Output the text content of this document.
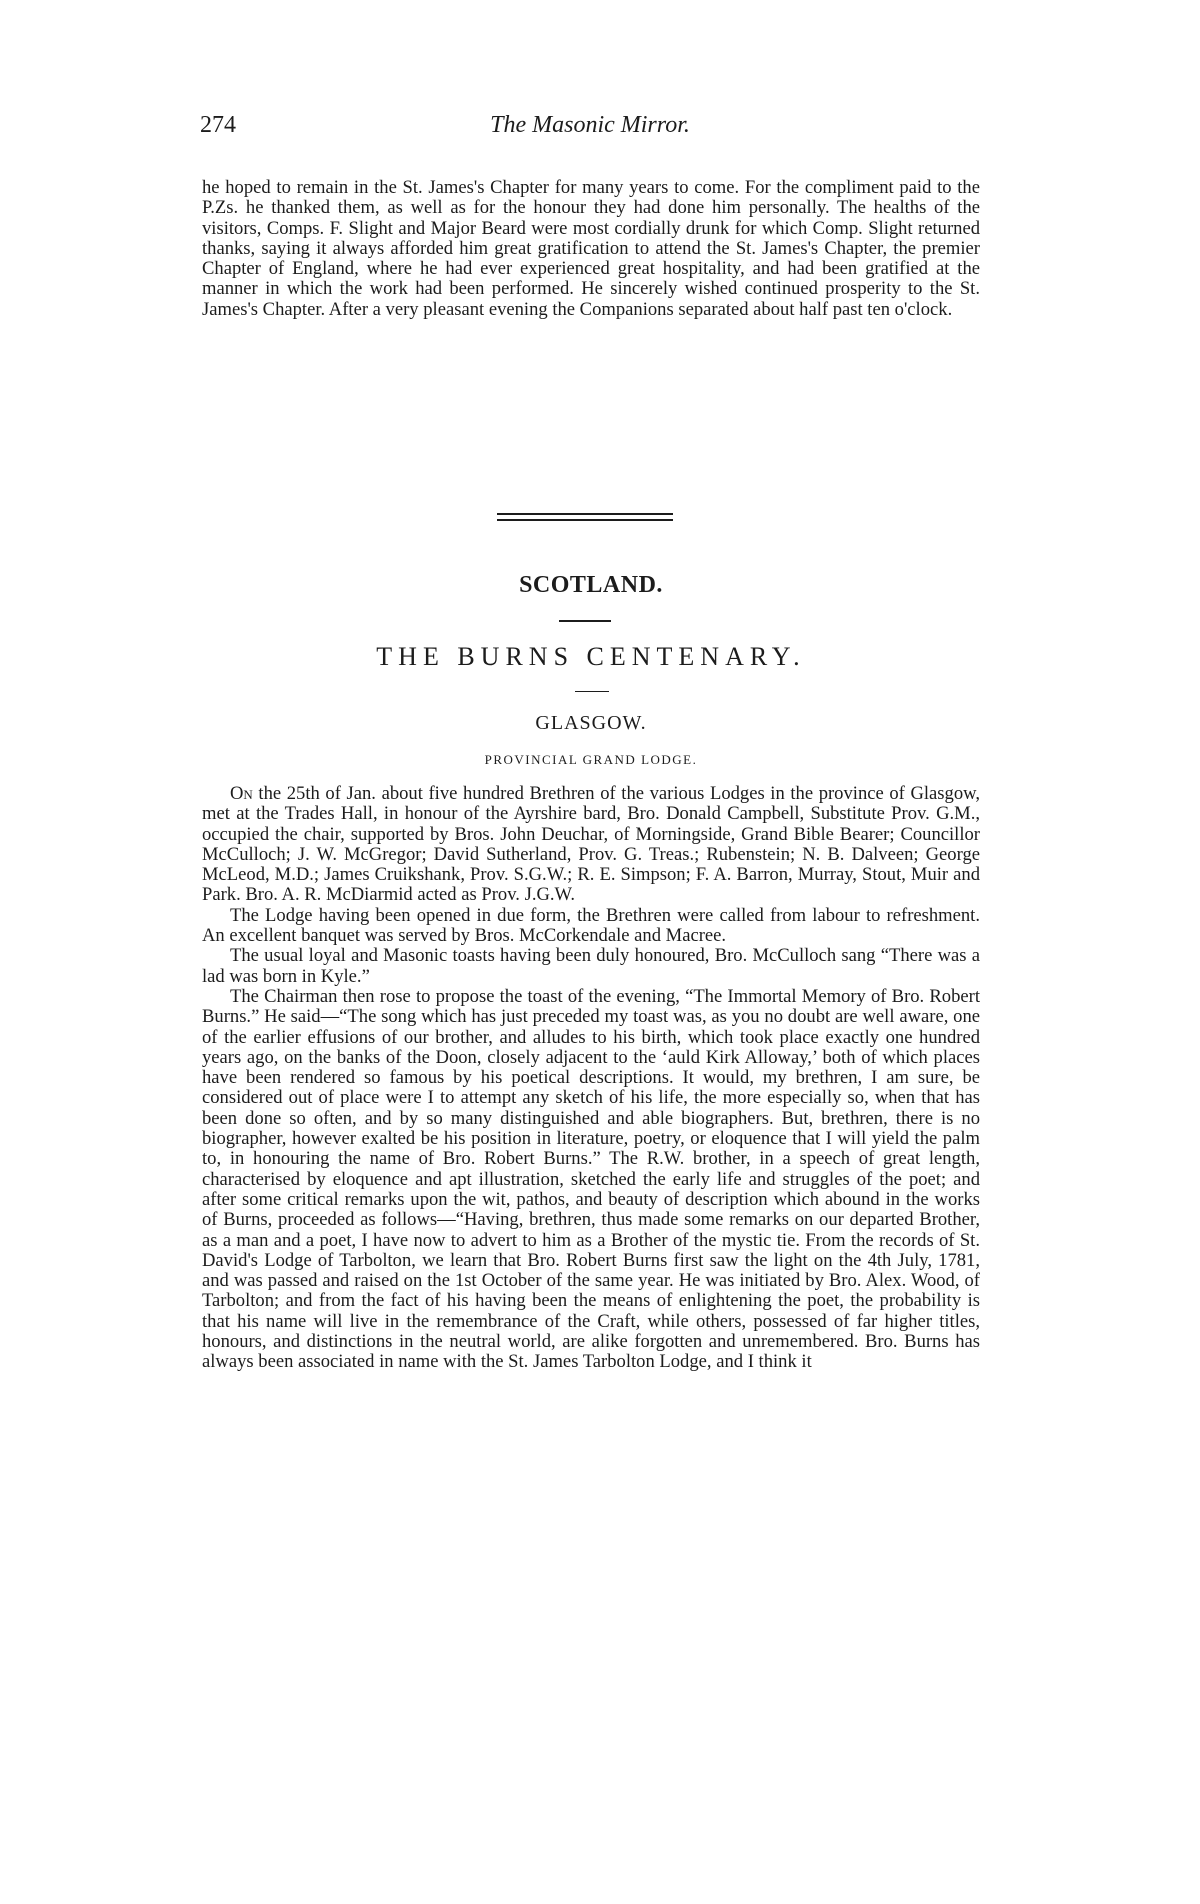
274	The Masonic Mirror.

he hoped to remain in the St. James's Chapter for many years to come. For the compliment paid to the P.Zs. he thanked them, as well as for the honour they had done him personally. The healths of the visitors, Comps. F. Slight and Major Beard were most cordially drunk for which Comp. Slight returned thanks, saying it always afforded him great gratification to attend the St. James's Chapter, the premier Chapter of England, where he had ever experienced great hospitality, and had been gratified at the manner in which the work had been performed. He sincerely wished continued prosperity to the St. James's Chapter. After a very pleasant evening the Companions separated about half past ten o'clock.

SCOTLAND.
THE BURNS CENTENARY.
GLASGOW.
PROVINCIAL GRAND LODGE.

On the 25th of Jan. about five hundred Brethren of the various Lodges in the province of Glasgow, met at the Trades Hall, in honour of the Ayrshire bard, Bro. Donald Campbell, Substitute Prov. G.M., occupied the chair, supported by Bros. John Deuchar, of Morningside, Grand Bible Bearer; Councillor McCulloch; J. W. McGregor; David Sutherland, Prov. G. Treas.; Rubenstein; N. B. Dalveen; George McLeod, M.D.; James Cruikshank, Prov. S.G.W.; R. E. Simpson; F. A. Barron, Murray, Stout, Muir and Park. Bro. A. R. McDiarmid acted as Prov. J.G.W.

The Lodge having been opened in due form, the Brethren were called from labour to refreshment. An excellent banquet was served by Bros. McCorkendale and Macree.

The usual loyal and Masonic toasts having been duly honoured, Bro. McCulloch sang “There was a lad was born in Kyle.”

The Chairman then rose to propose the toast of the evening, “The Immortal Memory of Bro. Robert Burns.” He said—“The song which has just preceded my toast was, as you no doubt are well aware, one of the earlier effusions of our brother, and alludes to his birth, which took place exactly one hundred years ago, on the banks of the Doon, closely adjacent to the ‘auld Kirk Alloway,’ both of which places have been rendered so famous by his poetical descriptions. It would, my brethren, I am sure, be considered out of place were I to attempt any sketch of his life, the more especially so, when that has been done so often, and by so many distinguished and able biographers. But, brethren, there is no biographer, however exalted be his position in literature, poetry, or eloquence that I will yield the palm to, in honouring the name of Bro. Robert Burns.” The R.W. brother, in a speech of great length, characterised by eloquence and apt illustration, sketched the early life and struggles of the poet; and after some critical remarks upon the wit, pathos, and beauty of description which abound in the works of Burns, proceeded as follows—“Having, brethren, thus made some remarks on our departed Brother, as a man and a poet, I have now to advert to him as a Brother of the mystic tie. From the records of St. David's Lodge of Tarbolton, we learn that Bro. Robert Burns first saw the light on the 4th July, 1781, and was passed and raised on the 1st October of the same year. He was initiated by Bro. Alex. Wood, of Tarbolton; and from the fact of his having been the means of enlightening the poet, the probability is that his name will live in the remembrance of the Craft, while others, possessed of far higher titles, honours, and distinctions in the neutral world, are alike forgotten and unremembered. Bro. Burns has always been associated in name with the St. James Tarbolton Lodge, and I think it
